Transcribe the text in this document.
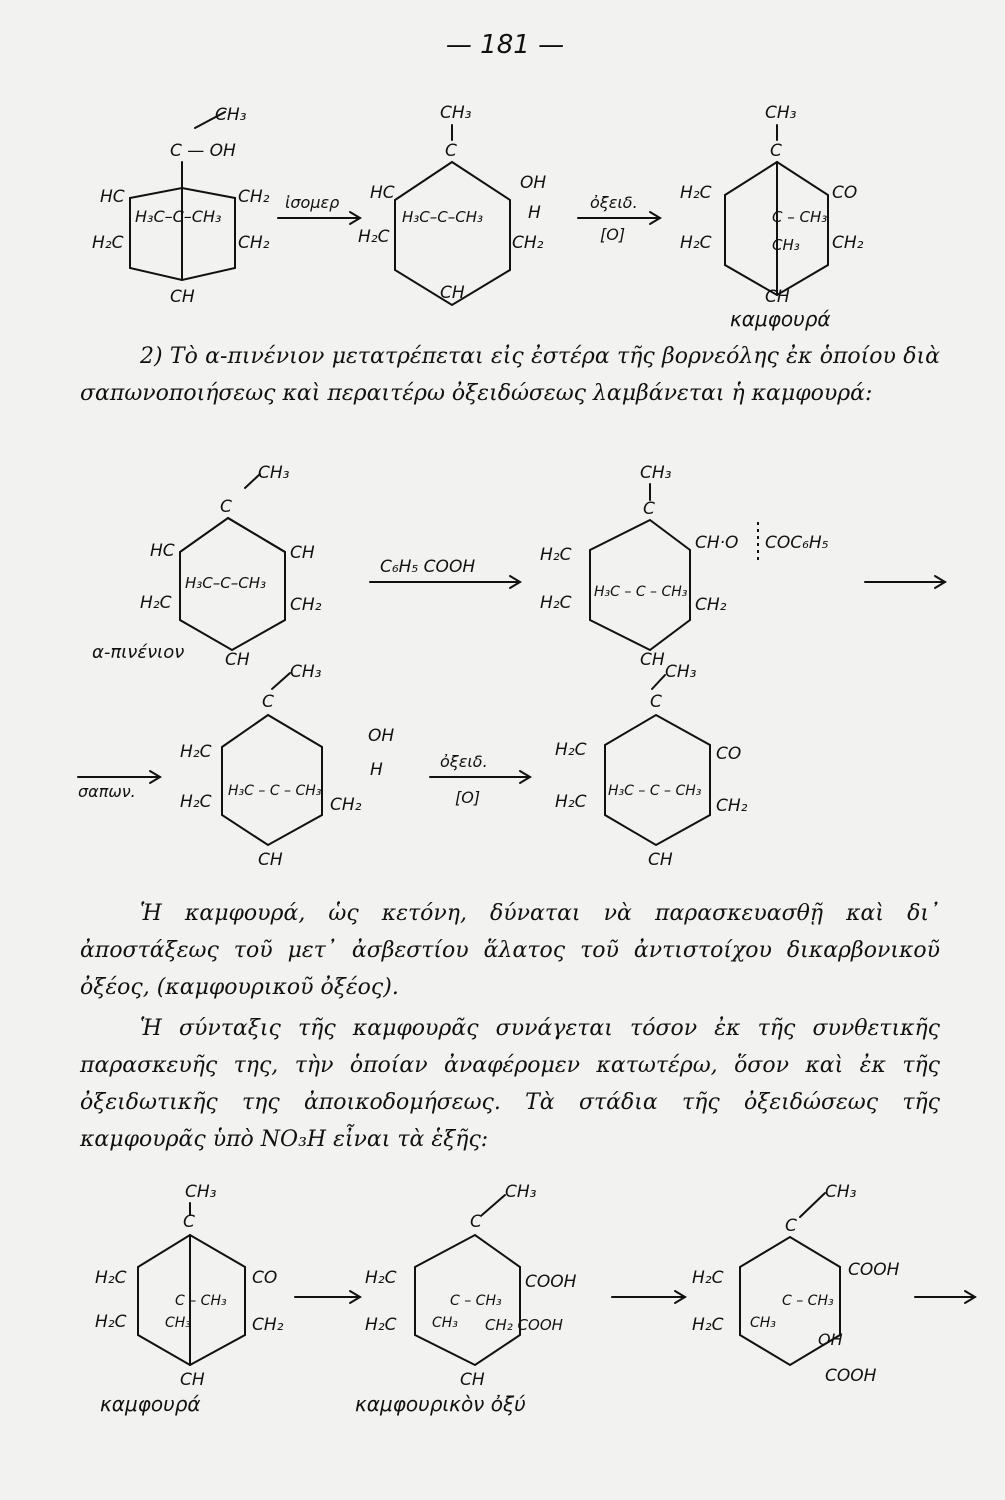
— 181 —
CH₃
C — OH
HC
H₃C–C–CH₃
CH₂
H₂C	CH₂
CH
ἰσομερ
CH₃
C
HC
H₃C–C–CH₃
OH
H
H₂C	CH₂
CH
ὀξειδ.
[O]
CH₃
C
H₂C	CO
C – CH₃
CH₃
H₂C	CH₂
CH
καμφουρά

2) Τὸ α-πινένιον μετατρέπεται εἰς ἐστέρα τῆς βορνεόλης ἐκ ὁποίου διὰ σαπωνοποιήσεως καὶ περαιτέρω ὀξειδώσεως λαμβάνεται ἡ καμφουρά:

CH₃
C
HC	CH
H₃C–C–CH₃
H₂C	CH₂
CH
α-πινένιον
C₆H₅ COOH
CH₃
C
H₂C
CH·O COC₆H₅
H₃C – C – CH₃
H₂C	CH₂
CH
σαπων.
CH₃
C
H₂C
OH
H
H₃C – C – CH₃
H₂C	CH₂
CH
ὀξειδ.
[O]
CH₃
C
H₂C	CO
H₃C – C – CH₃
H₂C	CH₂
CH

Ἡ καμφουρά, ὡς κετόνη, δύναται νὰ παρασκευασθῇ καὶ δι᾽ ἀποστάξεως τοῦ μετ᾽ ἀσβεστίου ἅλατος τοῦ ἀντιστοίχου δικαρβονικοῦ ὀξέος, (καμφουρικοῦ ὀξέος).

Ἡ σύνταξις τῆς καμφουρᾶς συνάγεται τόσον ἐκ τῆς συνθετικῆς παρασκευῆς της, τὴν ὁποίαν ἀναφέρομεν κατωτέρω, ὅσον καὶ ἐκ τῆς ὀξειδωτικῆς της ἀποικοδομήσεως. Τὰ στάδια τῆς ὀξειδώσεως τῆς καμφουρᾶς ὑπὸ NO₃H εἶναι τὰ ἑξῆς:

CH₃
C
H₂C	CO
C – CH₃
CH₃
H₂C	CH₂
CH
καμφουρά
CH₃
C
H₂C	COOH
C – CH₃
CH₃
H₂C	CH₂ COOH
CH
καμφουρικὸν ὀξύ
CH₃
C
H₂C	COOH
C – CH₃
CH₃
H₂C
OH
COOH
